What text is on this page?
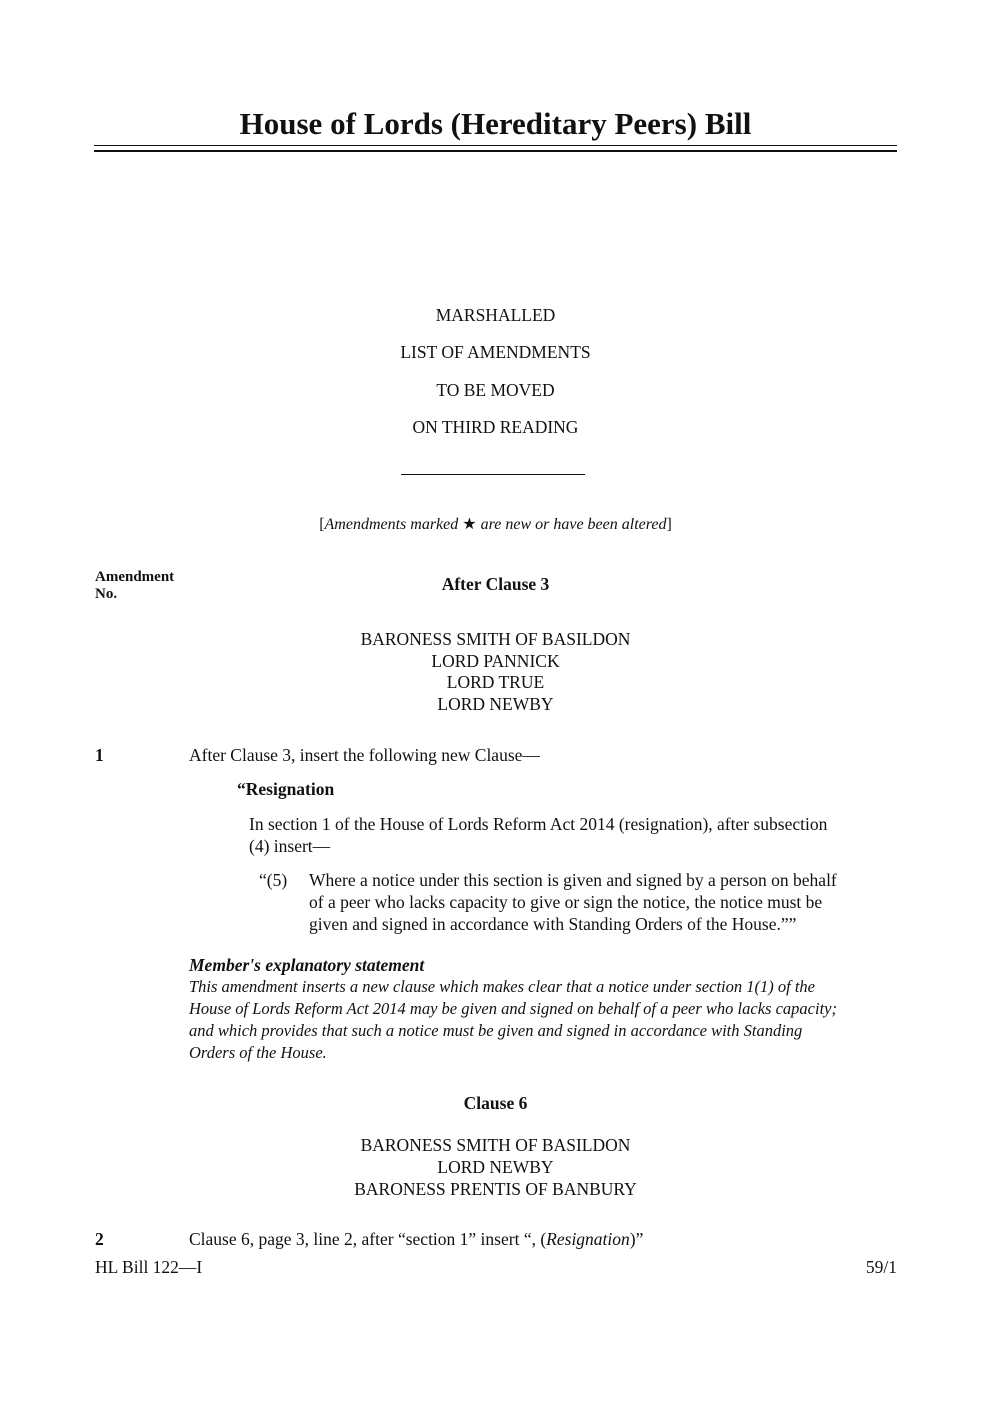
House of Lords (Hereditary Peers) Bill
MARSHALLED
LIST OF AMENDMENTS
TO BE MOVED
ON THIRD READING
[Amendments marked ★ are new or have been altered]
Amendment
No.	After Clause 3
BARONESS SMITH OF BASILDON
LORD PANNICK
LORD TRUE
LORD NEWBY
1	After Clause 3, insert the following new Clause—
“Resignation
In section 1 of the House of Lords Reform Act 2014 (resignation), after subsection
(4) insert—
“(5) Where a notice under this section is given and signed by a person on behalf
of a peer who lacks capacity to give or sign the notice, the notice must be
given and signed in accordance with Standing Orders of the House.””
Member's explanatory statement
This amendment inserts a new clause which makes clear that a notice under section 1(1) of the
House of Lords Reform Act 2014 may be given and signed on behalf of a peer who lacks capacity;
and which provides that such a notice must be given and signed in accordance with Standing
Orders of the House.
Clause 6
BARONESS SMITH OF BASILDON
LORD NEWBY
BARONESS PRENTIS OF BANBURY
2	Clause 6, page 3, line 2, after “section 1” insert “, (Resignation)”
HL Bill 122—I	59/1
